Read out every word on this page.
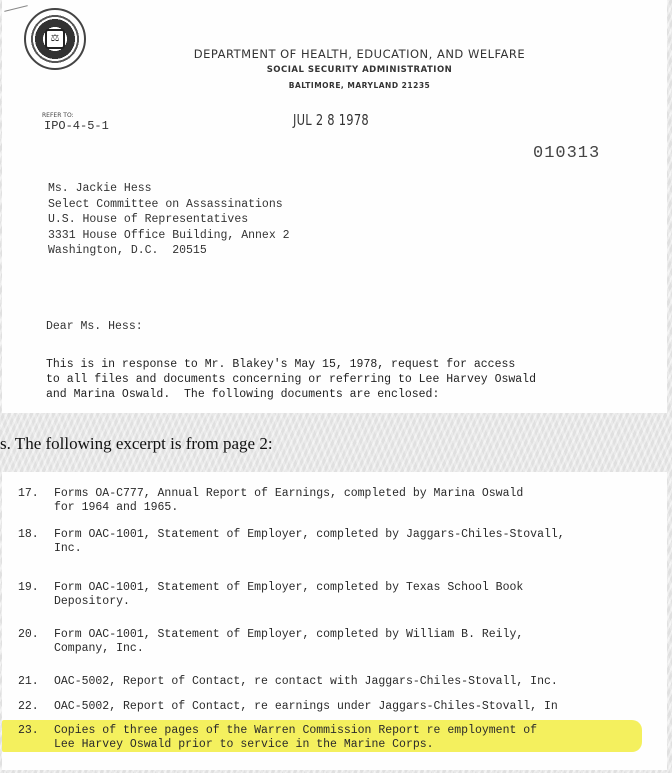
⚖
DEPARTMENT OF HEALTH, EDUCATION, AND WELFARE
SOCIAL SECURITY ADMINISTRATION
BALTIMORE, MARYLAND 21235
REFER TO:
IPO-4-5-1	JUL 2 8 1978
010313
Ms. Jackie Hess
Select Committee on Assassinations
U.S. House of Representatives
3331 House Office Building, Annex 2
Washington, D.C.  20515
Dear Ms. Hess:
This is in response to Mr. Blakey's May 15, 1978, request for access
to all files and documents concerning or referring to Lee Harvey Oswald
and Marina Oswald.  The following documents are enclosed:
s. The following excerpt is from page 2:
17.	Forms OA-C777, Annual Report of Earnings, completed by Marina Oswald
for 1964 and 1965.
18.	Form OAC-1001, Statement of Employer, completed by Jaggars-Chiles-Stovall,
Inc.
19.	Form OAC-1001, Statement of Employer, completed by Texas School Book
Depository.
20.	Form OAC-1001, Statement of Employer, completed by William B. Reily,
Company, Inc.
21.	OAC-5002, Report of Contact, re contact with Jaggars-Chiles-Stovall, Inc.
22.	OAC-5002, Report of Contact, re earnings under Jaggars-Chiles-Stovall, In
23.	Copies of three pages of the Warren Commission Report re employment of
Lee Harvey Oswald prior to service in the Marine Corps.
